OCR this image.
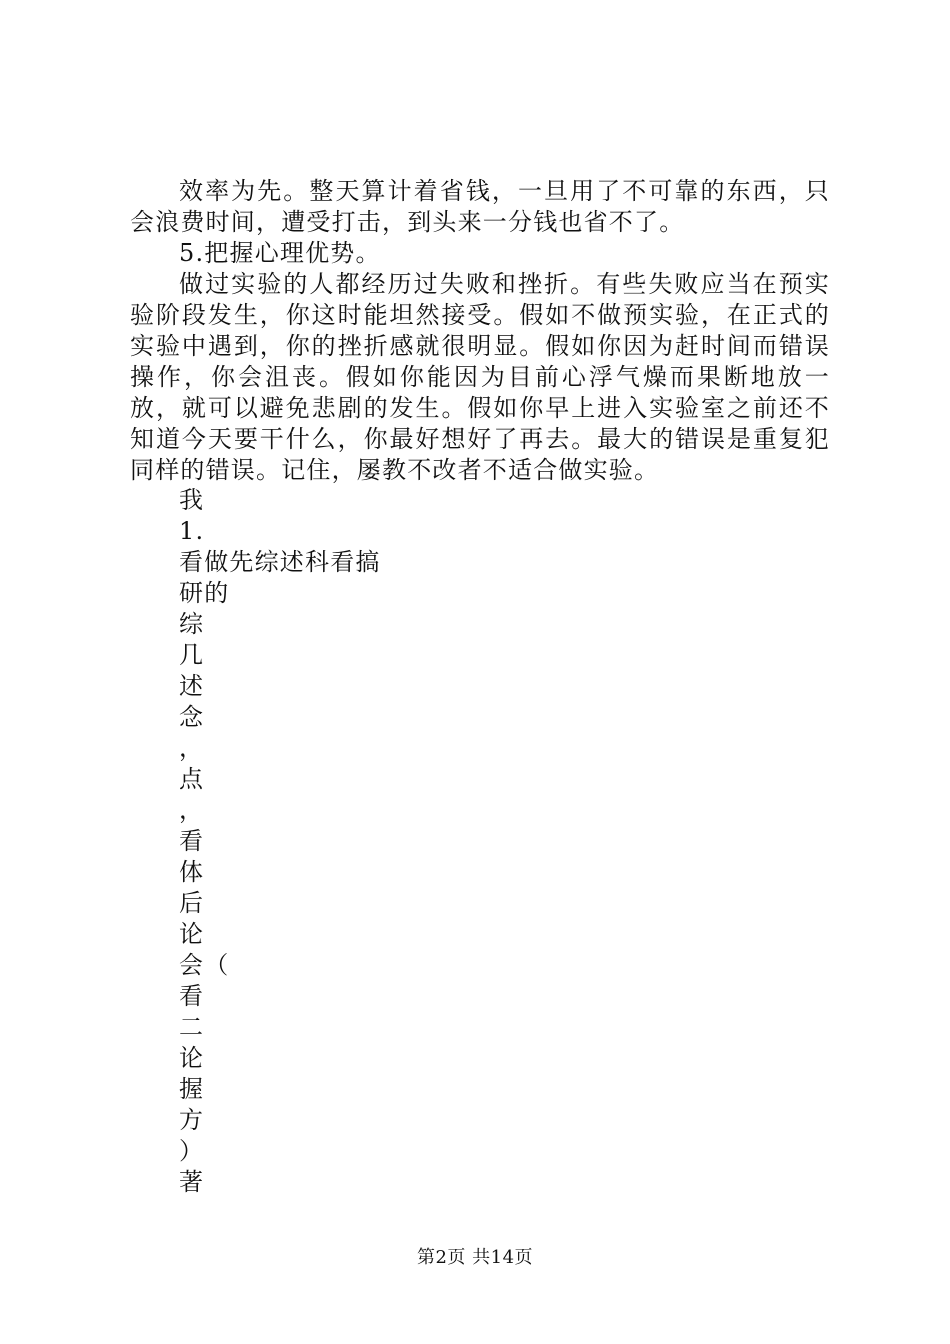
效率为先。整天算计着省钱，一旦用了不可靠的东西，只会浪费时间，遭受打击，到头来一分钱也省不了。

5.把握心理优势。

做过实验的人都经历过失败和挫折。有些失败应当在预实验阶段发生，你这时能坦然接受。假如不做预实验，在正式的实验中遇到，你的挫折感就很明显。假如你因为赶时间而错误操作，你会沮丧。假如你能因为目前心浮气燥而果断地放一放，就可以避免悲剧的发生。假如你早上进入实验室之前还不知道今天要干什么，你最好想好了再去。最大的错误是重复犯同样的错误。记住，屡教不改者不适合做实验。

我

1.

看做先综述科看搞

研的

综

几

述

念

，

点

，

看

体

后

论

会（

看

二

论

握

方

）

著

第2页 共14页
